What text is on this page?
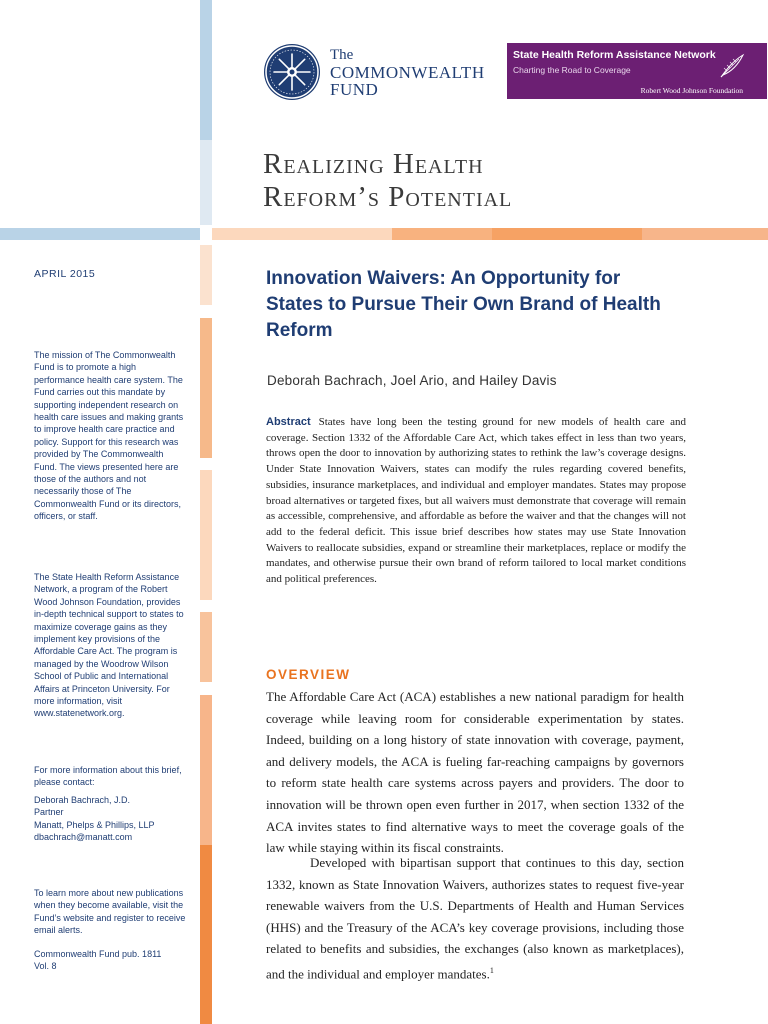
The
COMMONWEALTH
FUND
State Health Reform Assistance Network
Charting the Road to Coverage
Robert Wood Johnson Foundation
Realizing Health
Reform’s Potential
APRIL 2015

The mission of The Commonwealth Fund is to promote a high performance health care system. The Fund carries out this mandate by supporting independent research on health care issues and making grants to improve health care practice and policy. Support for this research was provided by The Commonwealth Fund. The views presented here are those of the authors and not necessarily those of The Commonwealth Fund or its directors, officers, or staff.

The State Health Reform Assistance Network, a program of the Robert Wood Johnson Foundation, provides in-depth technical support to states to maximize coverage gains as they implement key provisions of the Affordable Care Act. The program is managed by the Woodrow Wilson School of Public and International Affairs at Princeton University. For more information, visit www.statenetwork.org.

For more information about this brief, please contact:

Deborah Bachrach, J.D.

Partner

Manatt, Phelps & Phillips, LLP

dbachrach@manatt.com

To learn more about new publications when they become available, visit the Fund’s website and register to receive email alerts.

Commonwealth Fund pub. 1811

Vol. 8

Innovation Waivers: An Opportunity for States to Pursue Their Own Brand of Health Reform
Deborah Bachrach, Joel Ario, and Hailey Davis

Abstract States have long been the testing ground for new models of health care and coverage. Section 1332 of the Affordable Care Act, which takes effect in less than two years, throws open the door to innovation by authorizing states to rethink the law’s coverage designs. Under State Innovation Waivers, states can modify the rules regarding covered benefits, subsidies, insurance marketplaces, and individual and employer mandates. States may propose broad alternatives or targeted fixes, but all waivers must demonstrate that coverage will remain as accessible, comprehensive, and affordable as before the waiver and that the changes will not add to the federal deficit. This issue brief describes how states may use State Innovation Waivers to reallocate subsidies, expand or streamline their marketplaces, replace or modify the mandates, and otherwise pursue their own brand of reform tailored to local market conditions and political preferences.

OVERVIEW

The Affordable Care Act (ACA) establishes a new national paradigm for health coverage while leaving room for considerable experimentation by states. Indeed, building on a long history of state innovation with coverage, payment, and delivery models, the ACA is fueling far-reaching campaigns by governors to reform state health care systems across payers and providers. The door to innovation will be thrown open even further in 2017, when section 1332 of the ACA invites states to find alternative ways to meet the coverage goals of the law while staying within its fiscal constraints.

Developed with bipartisan support that continues to this day, section 1332, known as State Innovation Waivers, authorizes states to request five-year renewable waivers from the U.S. Departments of Health and Human Services (HHS) and the Treasury of the ACA’s key coverage provisions, including those related to benefits and subsidies, the exchanges (also known as marketplaces), and the individual and employer mandates.$^1$
